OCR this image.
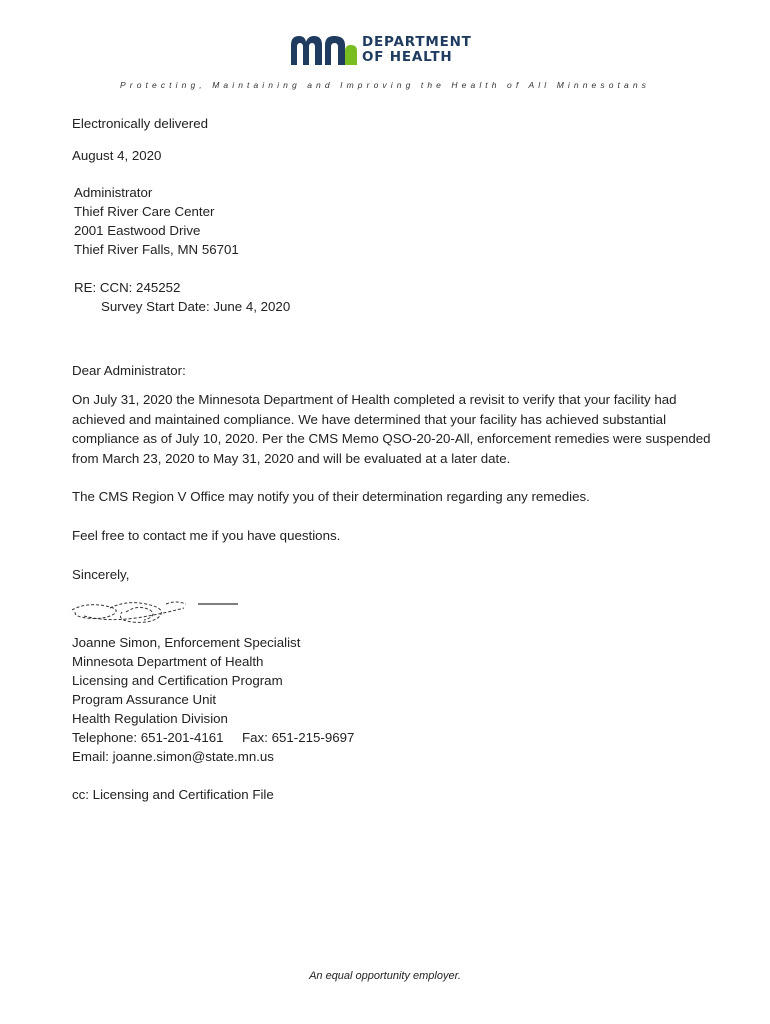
DEPARTMENT
OF HEALTH
Protecting, Maintaining and Improving the Health of All Minnesotans
Electronically delivered
August 4, 2020
Administrator
Thief River Care Center
2001 Eastwood Drive
Thief River Falls, MN 56701
RE: CCN: 245252
Survey Start Date: June 4, 2020
Dear Administrator:
On July 31, 2020 the Minnesota Department of Health completed a revisit to verify that your facility had achieved and maintained compliance. We have determined that your facility has achieved substantial compliance as of July 10, 2020. Per the CMS Memo QSO-20-20-All, enforcement remedies were suspended from March 23, 2020 to May 31, 2020 and will be evaluated at a later date.
The CMS Region V Office may notify you of their determination regarding any remedies.
Feel free to contact me if you have questions.
Sincerely,
Joanne Simon, Enforcement Specialist
Minnesota Department of Health
Licensing and Certification Program
Program Assurance Unit
Health Regulation Division
Telephone: 651-201-4161     Fax: 651-215-9697
Email: joanne.simon@state.mn.us
cc: Licensing and Certification File
An equal opportunity employer.
